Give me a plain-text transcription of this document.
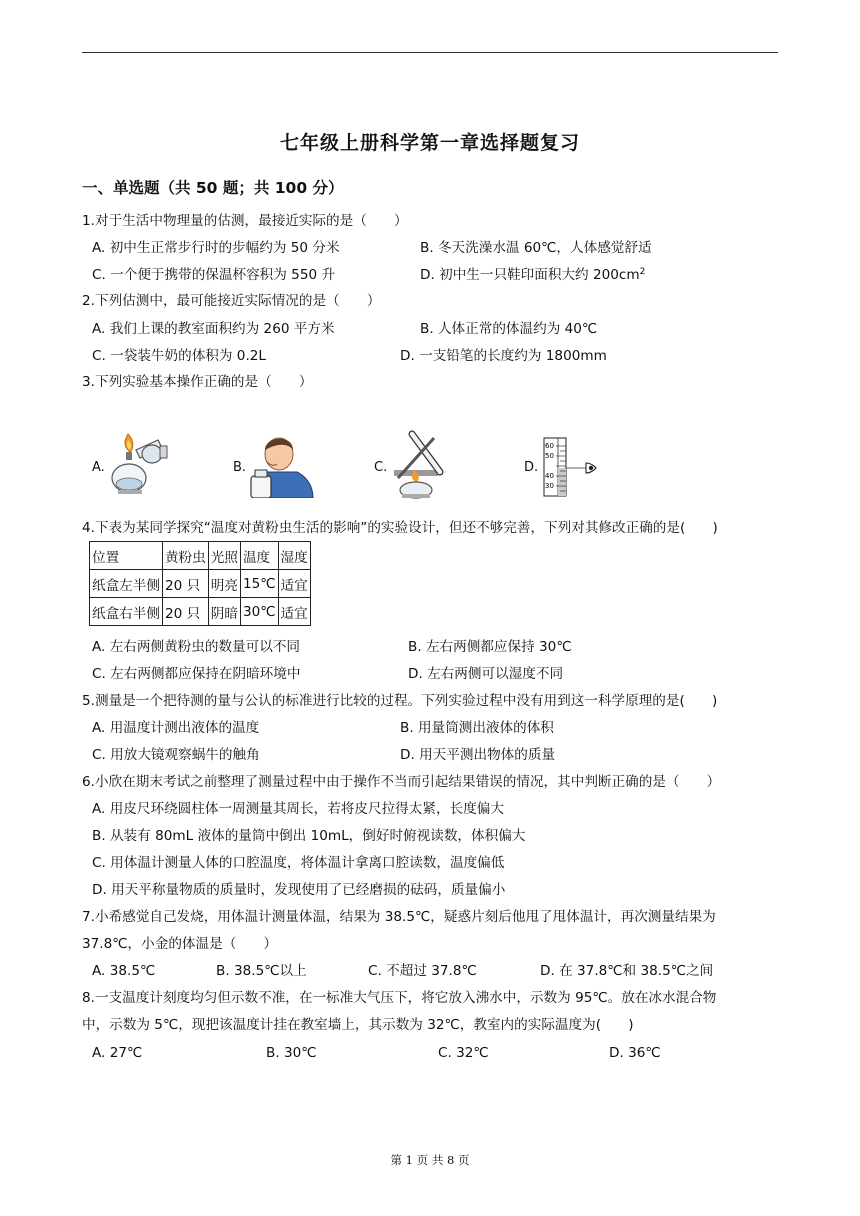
七年级上册科学第一章选择题复习
一、单选题（共 50 题；共 100 分）
1.对于生活中物理量的估测，最接近实际的是（　　）
A. 初中生正常步行时的步幅约为 50 分米	B. 冬天洗澡水温 60℃，人体感觉舒适
C. 一个便于携带的保温杯容积为 550 升	D. 初中生一只鞋印面积大约 $200cm^2$
2.下列估测中，最可能接近实际情况的是（　　）
A. 我们上课的教室面积约为 260 平方米	B. 人体正常的体温约为 40℃
C. 一袋装牛奶的体积为 0.2L	D. 一支铅笔的长度约为 1800mm
3.下列实验基本操作正确的是（　　）
A.	B.	C.	D.
60
50
40
30
4.下表为某同学探究“温度对黄粉虫生活的影响”的实验设计，但还不够完善，下列对其修改正确的是(　　)
位置	黄粉虫	光照	温度	湿度
纸盒左半侧	20 只	明亮	15℃	适宜
纸盒右半侧	20 只	阴暗	30℃	适宜
A. 左右两侧黄粉虫的数量可以不同	B. 左右两侧都应保持 30℃
C. 左右两侧都应保持在阴暗环境中	D. 左右两侧可以湿度不同
5.测量是一个把待测的量与公认的标准进行比较的过程。下列实验过程中没有用到这一科学原理的是(　　)
A. 用温度计测出液体的温度	B. 用量筒测出液体的体积
C. 用放大镜观察蜗牛的触角	D. 用天平测出物体的质量
6.小欣在期末考试之前整理了测量过程中由于操作不当而引起结果错误的情况，其中判断正确的是（　　）
A. 用皮尺环绕圆柱体一周测量其周长，若将皮尺拉得太紧，长度偏大
B. 从装有 80mL 液体的量筒中倒出 10mL，倒好时俯视读数，体积偏大
C. 用体温计测量人体的口腔温度，将体温计拿离口腔读数，温度偏低
D. 用天平称量物质的质量时，发现使用了已经磨损的砝码，质量偏小
7.小希感觉自己发烧，用体温计测量体温，结果为 38.5℃，疑惑片刻后他甩了甩体温计，再次测量结果为
37.8℃，小金的体温是（　　）
A. 38.5℃	B. 38.5℃以上	C. 不超过 37.8℃	D. 在 37.8℃和 38.5℃之间
8.一支温度计刻度均匀但示数不准，在一标准大气压下，将它放入沸水中，示数为 95℃。放在冰水混合物
中，示数为 5℃，现把该温度计挂在教室墙上，其示数为 32℃，教室内的实际温度为(　　)
A. 27℃	B. 30℃	C. 32℃	D. 36℃
第 1 页 共 8 页
